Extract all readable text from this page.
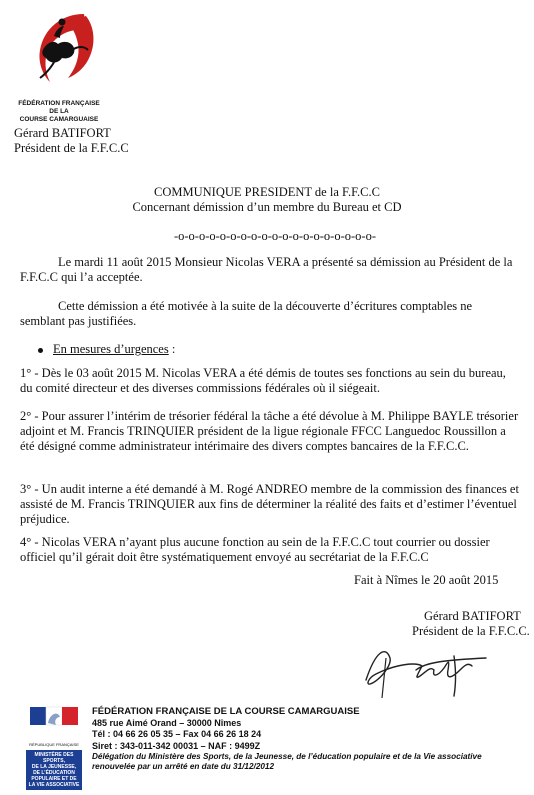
FÉDÉRATION FRANÇAISE
DE LA
COURSE CAMARGUAISE
Gérard BATIFORT
Président de la F.F.C.C
COMMUNIQUE PRESIDENT de la F.F.C.C
Concernant démission d’un membre du Bureau et CD
-o-o-o-o-o-o-o-o-o-o-o-o-o-o-o-o-o-o-o-
Le mardi 11 août 2015 Monsieur Nicolas VERA a présenté sa démission au Président de la F.F.C.C qui l’a acceptée.
Cette démission a été motivée à la suite de la découverte d’écritures comptables ne semblant pas justifiées.
En mesures d’urgences :
1° - Dès le 03 août 2015 M. Nicolas VERA a été démis de toutes ses fonctions au sein du bureau, du comité directeur et des diverses commissions fédérales où il siégeait.
2° - Pour assurer l’intérim de trésorier fédéral la tâche a été dévolue à M. Philippe BAYLE trésorier adjoint et M. Francis TRINQUIER président de la ligue régionale FFCC Languedoc Roussillon a été désigné comme administrateur intérimaire des divers comptes bancaires de la F.F.C.C.
3° - Un audit interne a été demandé à M. Rogé ANDREO membre de la commission des finances et assisté de M. Francis TRINQUIER aux fins de déterminer la réalité des faits et d’estimer l’éventuel préjudice.
4° - Nicolas VERA n’ayant plus aucune fonction au sein de la F.F.C.C tout courrier ou dossier officiel qu’il gérait doit être systématiquement envoyé au secrétariat de la F.F.C.C
Fait à Nîmes le 20 août 2015
Gérard BATIFORT
Président de la F.F.C.C.
RÉPUBLIQUE FRANÇAISE
MINISTÈRE DES SPORTS,
DE LA JEUNESSE,
DE L’ÉDUCATION
POPULAIRE ET DE
LA VIE ASSOCIATIVE
FÉDÉRATION FRANÇAISE DE LA COURSE CAMARGUAISE
485 rue Aimé Orand – 30000 Nîmes
Tél : 04 66 26 05 35 – Fax 04 66 26 18 24
Siret : 343-011-342 00031 – NAF : 9499Z
Délégation du Ministère des Sports, de la Jeunesse, de l’éducation populaire et de la Vie associative
renouvelée par un arrêté en date du 31/12/2012
